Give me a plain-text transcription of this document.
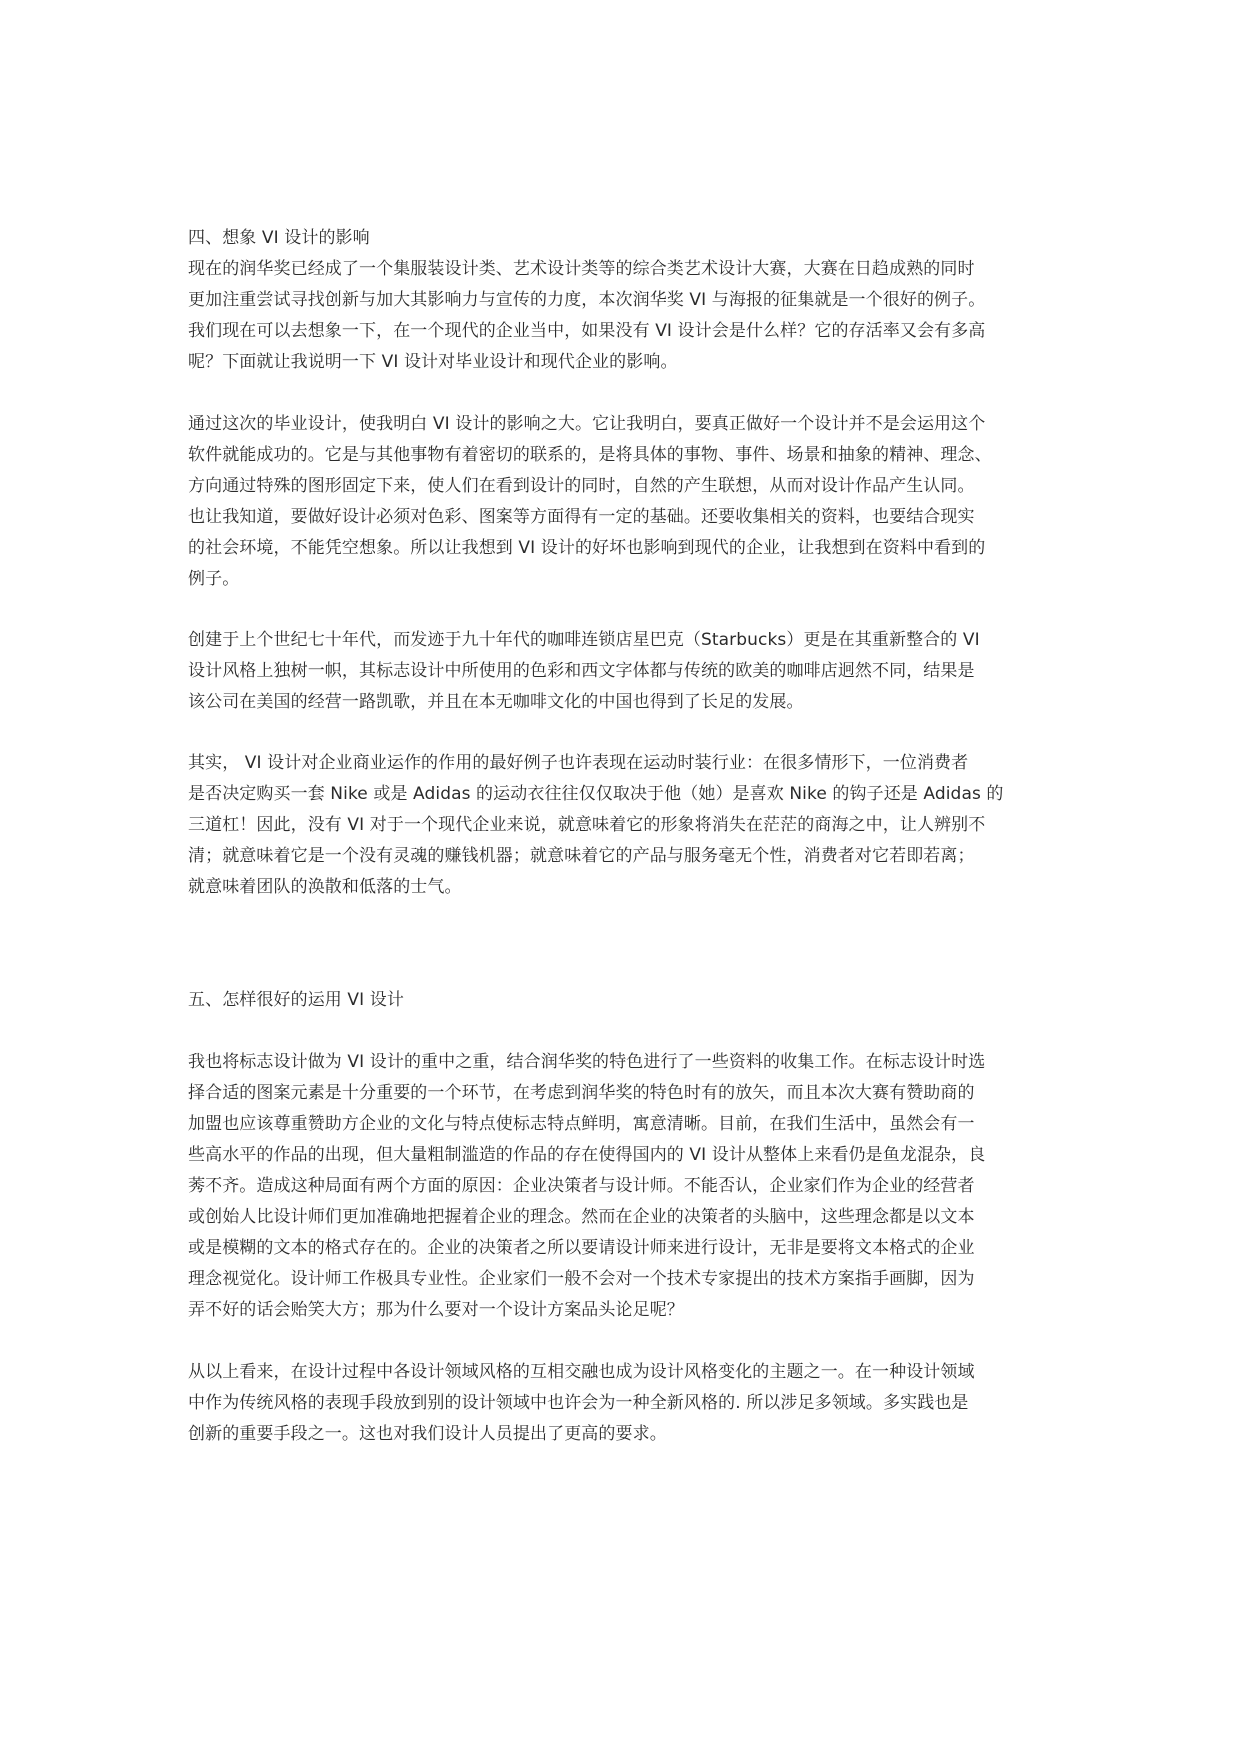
四、想象 VI 设计的影响
现在的润华奖已经成了一个集服装设计类、艺术设计类等的综合类艺术设计大赛，大赛在日趋成熟的同时
更加注重尝试寻找创新与加大其影响力与宣传的力度，本次润华奖 VI 与海报的征集就是一个很好的例子。
我们现在可以去想象一下，在一个现代的企业当中，如果没有 VI 设计会是什么样？它的存活率又会有多高
呢？下面就让我说明一下 VI 设计对毕业设计和现代企业的影响。
通过这次的毕业设计，使我明白 VI 设计的影响之大。它让我明白，要真正做好一个设计并不是会运用这个
软件就能成功的。它是与其他事物有着密切的联系的，是将具体的事物、事件、场景和抽象的精神、理念、
方向通过特殊的图形固定下来，使人们在看到设计的同时，自然的产生联想，从而对设计作品产生认同。
也让我知道，要做好设计必须对色彩、图案等方面得有一定的基础。还要收集相关的资料，也要结合现实
的社会环境，不能凭空想象。所以让我想到 VI 设计的好坏也影响到现代的企业，让我想到在资料中看到的
例子。
创建于上个世纪七十年代，而发迹于九十年代的咖啡连锁店星巴克（Starbucks）更是在其重新整合的 VI
设计风格上独树一帜，其标志设计中所使用的色彩和西文字体都与传统的欧美的咖啡店迥然不同，结果是
该公司在美国的经营一路凯歌，并且在本无咖啡文化的中国也得到了长足的发展。
其实， VI 设计对企业商业运作的作用的最好例子也许表现在运动时装行业：在很多情形下，一位消费者
是否决定购买一套 Nike 或是 Adidas 的运动衣往往仅仅取决于他（她）是喜欢 Nike 的钩子还是 Adidas 的
三道杠！因此，没有 VI 对于一个现代企业来说，就意味着它的形象将消失在茫茫的商海之中，让人辨别不
清；就意味着它是一个没有灵魂的赚钱机器；就意味着它的产品与服务毫无个性，消费者对它若即若离；
就意味着团队的涣散和低落的士气。
五、怎样很好的运用 VI 设计
我也将标志设计做为 VI 设计的重中之重，结合润华奖的特色进行了一些资料的收集工作。在标志设计时选
择合适的图案元素是十分重要的一个环节，在考虑到润华奖的特色时有的放矢，而且本次大赛有赞助商的
加盟也应该尊重赞助方企业的文化与特点使标志特点鲜明，寓意清晰。目前，在我们生活中，虽然会有一
些高水平的作品的出现，但大量粗制滥造的作品的存在使得国内的 VI 设计从整体上来看仍是鱼龙混杂，良
莠不齐。造成这种局面有两个方面的原因：企业决策者与设计师。不能否认，企业家们作为企业的经营者
或创始人比设计师们更加准确地把握着企业的理念。然而在企业的决策者的头脑中，这些理念都是以文本
或是模糊的文本的格式存在的。企业的决策者之所以要请设计师来进行设计，无非是要将文本格式的企业
理念视觉化。设计师工作极具专业性。企业家们一般不会对一个技术专家提出的技术方案指手画脚，因为
弄不好的话会贻笑大方；那为什么要对一个设计方案品头论足呢？
从以上看来，在设计过程中各设计领域风格的互相交融也成为设计风格变化的主题之一。在一种设计领域
中作为传统风格的表现手段放到别的设计领域中也许会为一种全新风格的. 所以涉足多领域。多实践也是
创新的重要手段之一。这也对我们设计人员提出了更高的要求。
